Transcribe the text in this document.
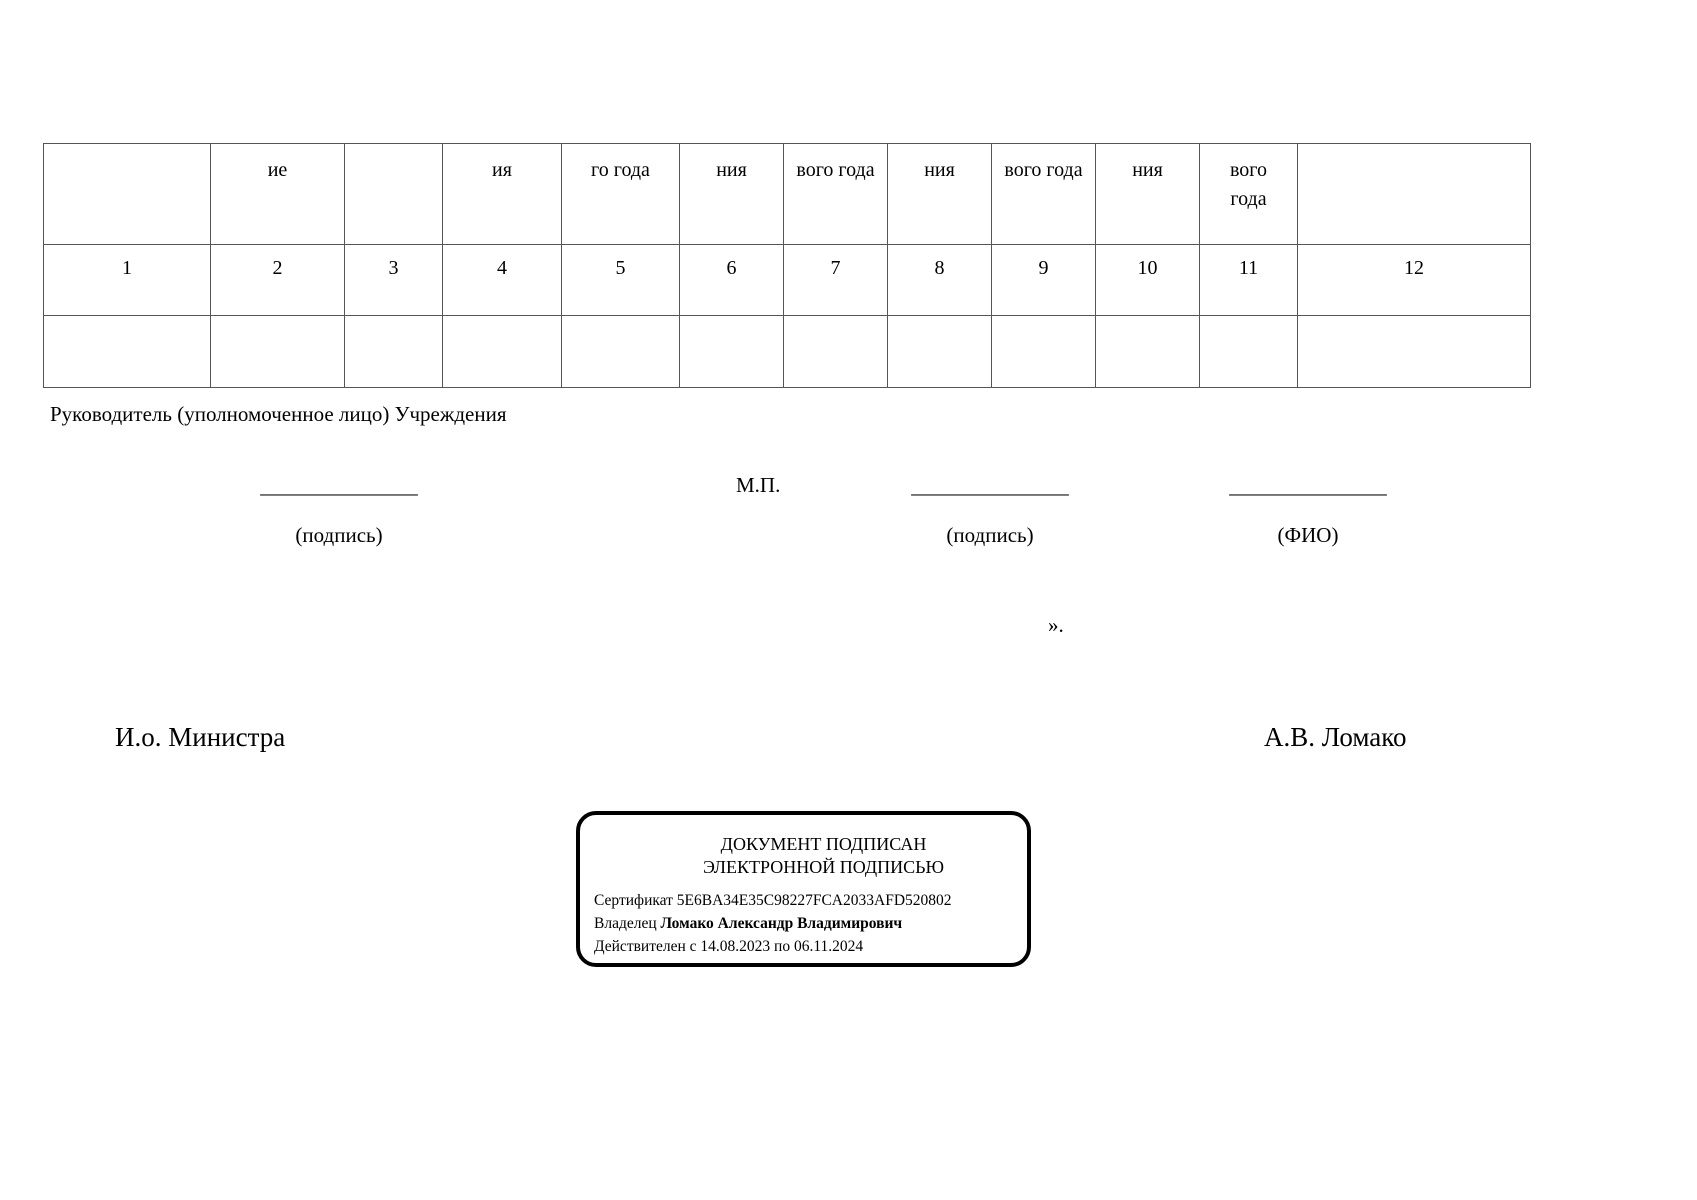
	ие		ия	го года	ния	вого года	ния	вого года	ния	вого года	
1	2	3	4	5	6	7	8	9	10	11	12

Руководитель (уполномоченное лицо) Учреждения
_______________	М.П.	_______________	_______________
(подпись)	(подпись)	(ФИО)
».
И.о. Министра	А.В. Ломако
ДОКУМЕНТ ПОДПИСАН
ЭЛЕКТРОННОЙ ПОДПИСЬЮ
Сертификат 5E6BA34E35C98227FCA2033AFD520802
Владелец Ломако Александр Владимирович
Действителен с 14.08.2023 по 06.11.2024
